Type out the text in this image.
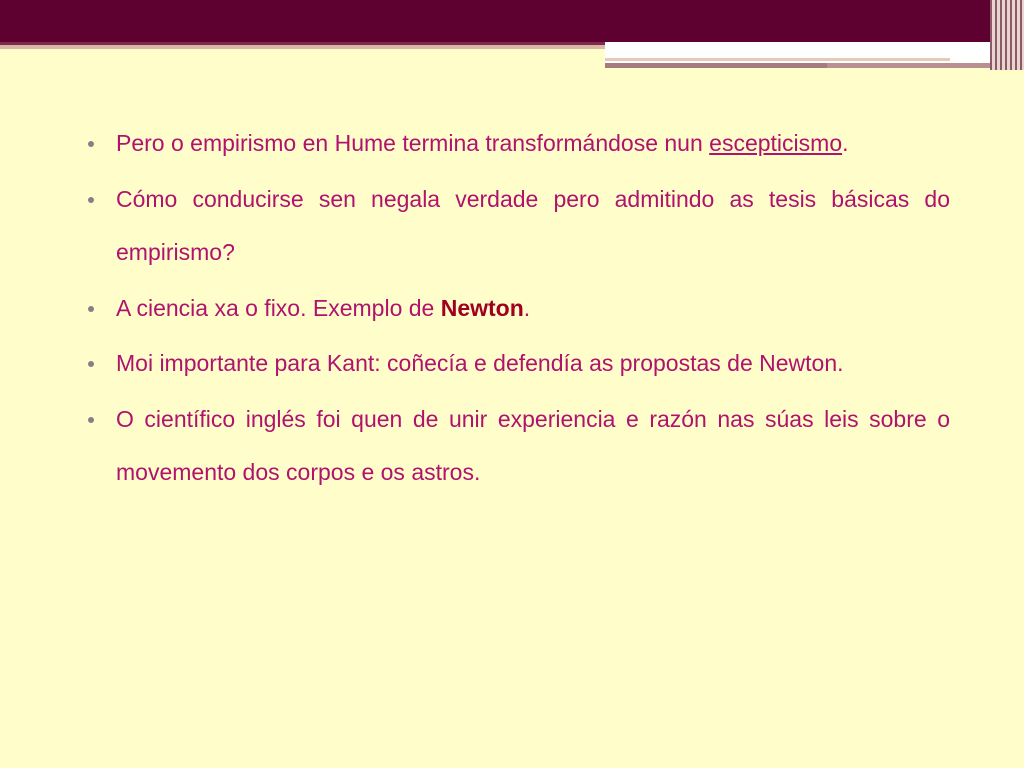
Pero o empirismo en Hume termina transformándose nun escepticismo.
Cómo conducirse sen negala verdade pero admitindo as tesis básicas do empirismo?
A ciencia xa o fixo. Exemplo de Newton.
Moi importante para Kant: coñecía e defendía as propostas de Newton.
O científico inglés foi quen de unir experiencia e razón nas súas leis sobre o movemento dos corpos e os astros.
